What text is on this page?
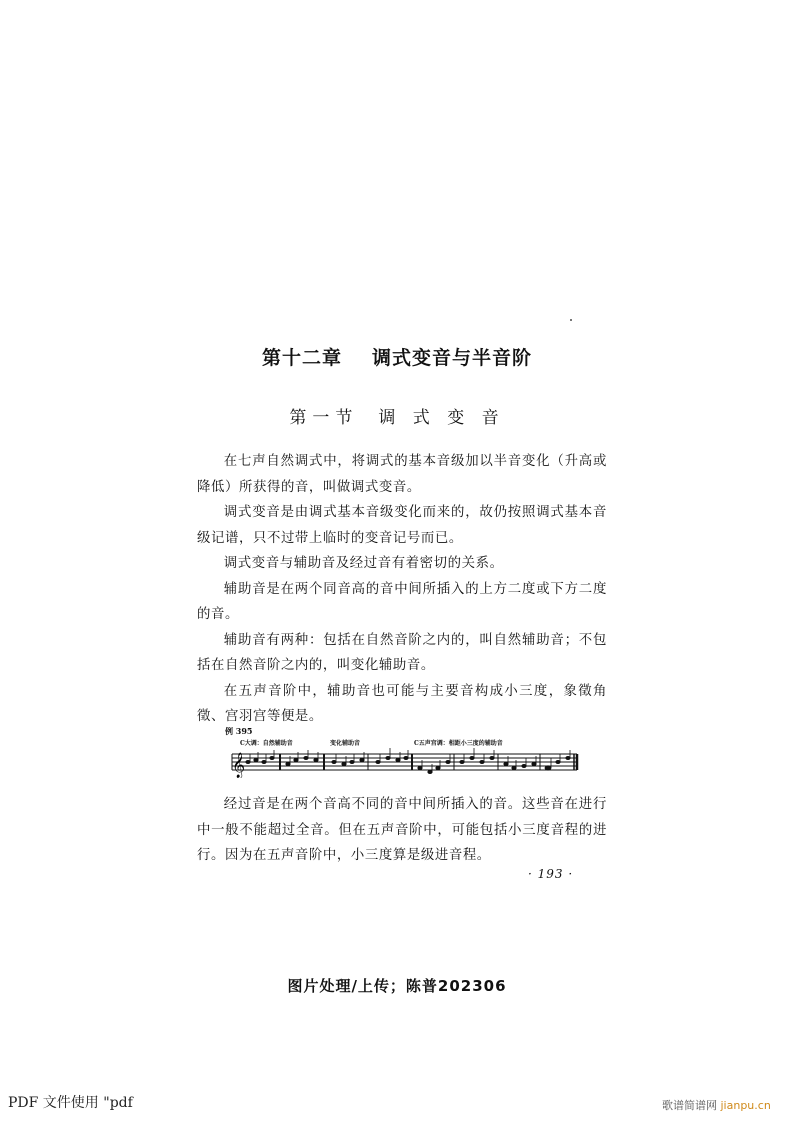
第十二章 调式变音与半音阶
第一节 调 式 变 音

在七声自然调式中，将调式的基本音级加以半音变化（升高或降低）所获得的音，叫做调式变音。

调式变音是由调式基本音级变化而来的，故仍按照调式基本音级记谱，只不过带上临时的变音记号而已。

调式变音与辅助音及经过音有着密切的关系。

辅助音是在两个同音高的音中间所插入的上方二度或下方二度的音。

辅助音有两种：包括在自然音阶之内的，叫自然辅助音；不包括在自然音阶之内的，叫变化辅助音。

在五声音阶中，辅助音也可能与主要音构成小三度，象徵角徵、宫羽宫等便是。

例 395
C大调：自然辅助音	变化辅助音	C五声宫调：相距小三度的辅助音
𝄞

经过音是在两个音高不同的音中间所插入的音。这些音在进行中一般不能超过全音。但在五声音阶中，可能包括小三度音程的进行。因为在五声音阶中，小三度算是级进音程。

· 193 ·
图片处理/上传；陈普202306
PDF 文件使用 "pdf	歌谱简谱网 jianpu.cn
